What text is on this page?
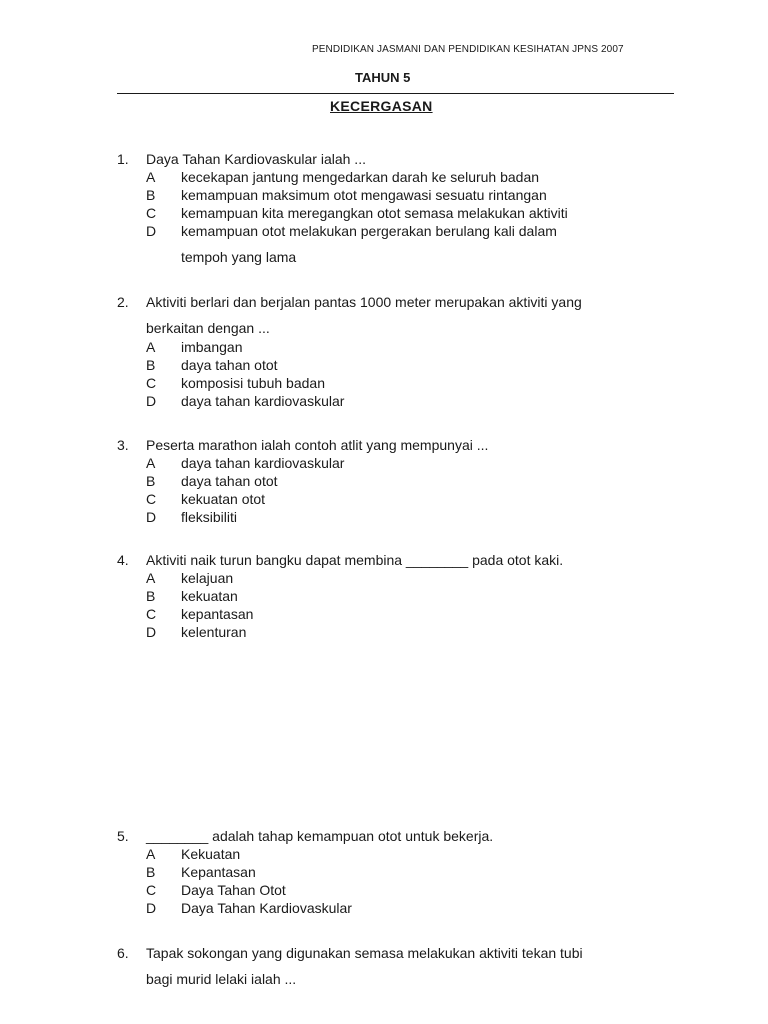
PENDIDIKAN JASMANI DAN PENDIDIKAN KESIHATAN JPNS 2007
TAHUN 5
KECERGASAN
1. Daya Tahan Kardiovaskular ialah ...
A kecekapan jantung mengedarkan darah ke seluruh badan
B kemampuan maksimum otot mengawasi sesuatu rintangan
C kemampuan kita meregangkan otot semasa melakukan aktiviti
D kemampuan otot melakukan pergerakan berulang kali dalam
tempoh yang lama
2. Aktiviti berlari dan berjalan pantas 1000 meter merupakan aktiviti yang
berkaitan dengan ...
A imbangan
B daya tahan otot
C komposisi tubuh badan
D daya tahan kardiovaskular
3. Peserta marathon ialah contoh atlit yang mempunyai ...
A daya tahan kardiovaskular
B daya tahan otot
C kekuatan otot
D fleksibiliti
4. Aktiviti naik turun bangku dapat membina ________ pada otot kaki.
A kelajuan
B kekuatan
C kepantasan
D kelenturan
5. ________ adalah tahap kemampuan otot untuk bekerja.
A Kekuatan
B Kepantasan
C Daya Tahan Otot
D Daya Tahan Kardiovaskular
6. Tapak sokongan yang digunakan semasa melakukan aktiviti tekan tubi
bagi murid lelaki ialah ...
